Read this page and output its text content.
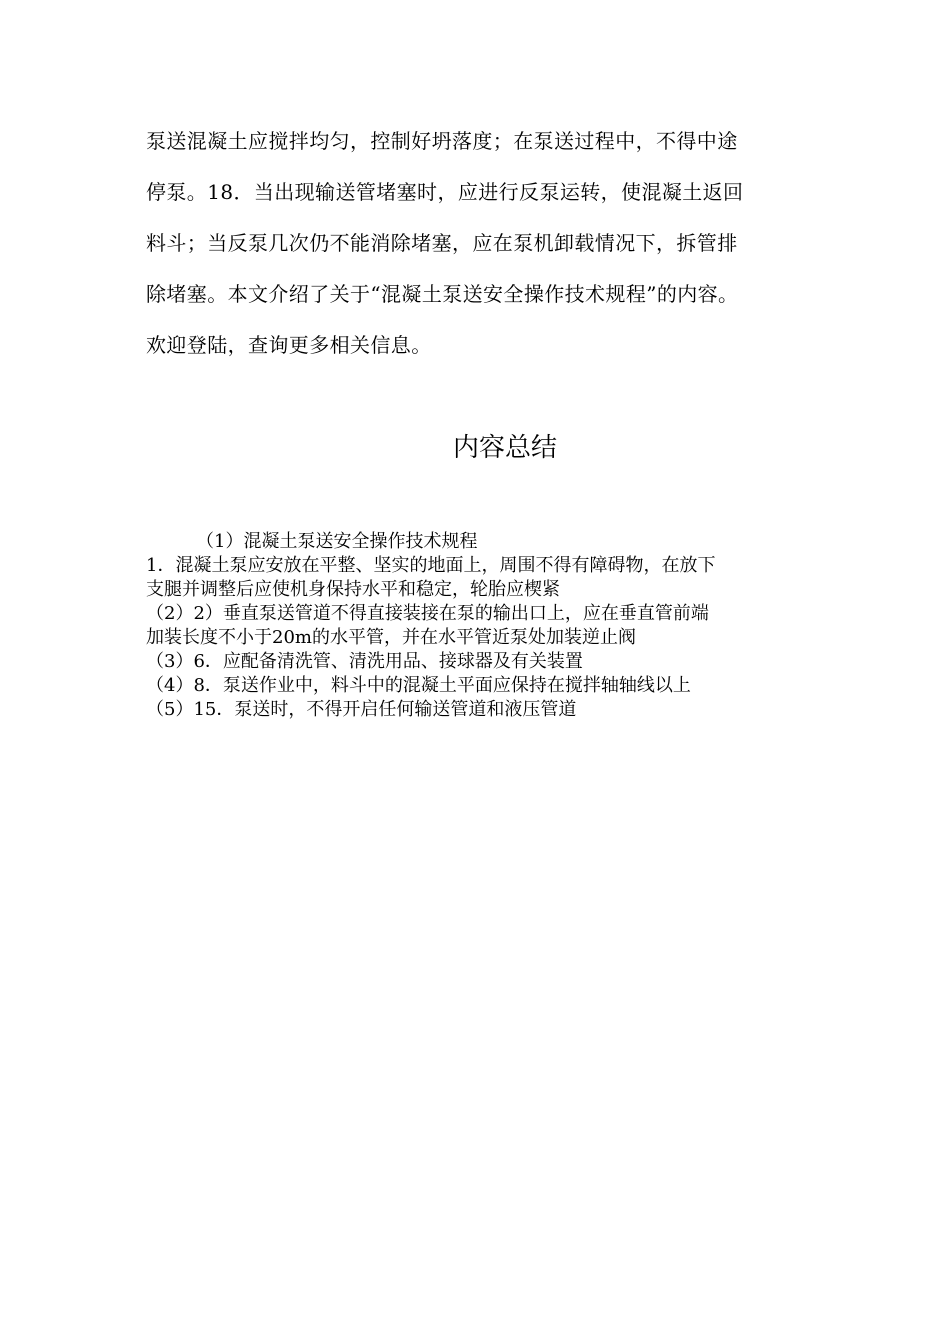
泵送混凝土应搅拌均匀，控制好坍落度；在泵送过程中，不得中途
停泵。18．当出现输送管堵塞时，应进行反泵运转，使混凝土返回
料斗；当反泵几次仍不能消除堵塞，应在泵机卸载情况下，拆管排
除堵塞。本文介绍了关于“混凝土泵送安全操作技术规程”的内容。
欢迎登陆，查询更多相关信息。

内容总结
（1）混凝土泵送安全操作技术规程
1．混凝土泵应安放在平整、坚实的地面上，周围不得有障碍物，在放下
支腿并调整后应使机身保持水平和稳定，轮胎应楔紧
（2）2）垂直泵送管道不得直接装接在泵的输出口上，应在垂直管前端
加装长度不小于20m的水平管，并在水平管近泵处加装逆止阀
（3）6．应配备清洗管、清洗用品、接球器及有关装置
（4）8．泵送作业中，料斗中的混凝土平面应保持在搅拌轴轴线以上
（5）15．泵送时，不得开启任何输送管道和液压管道
